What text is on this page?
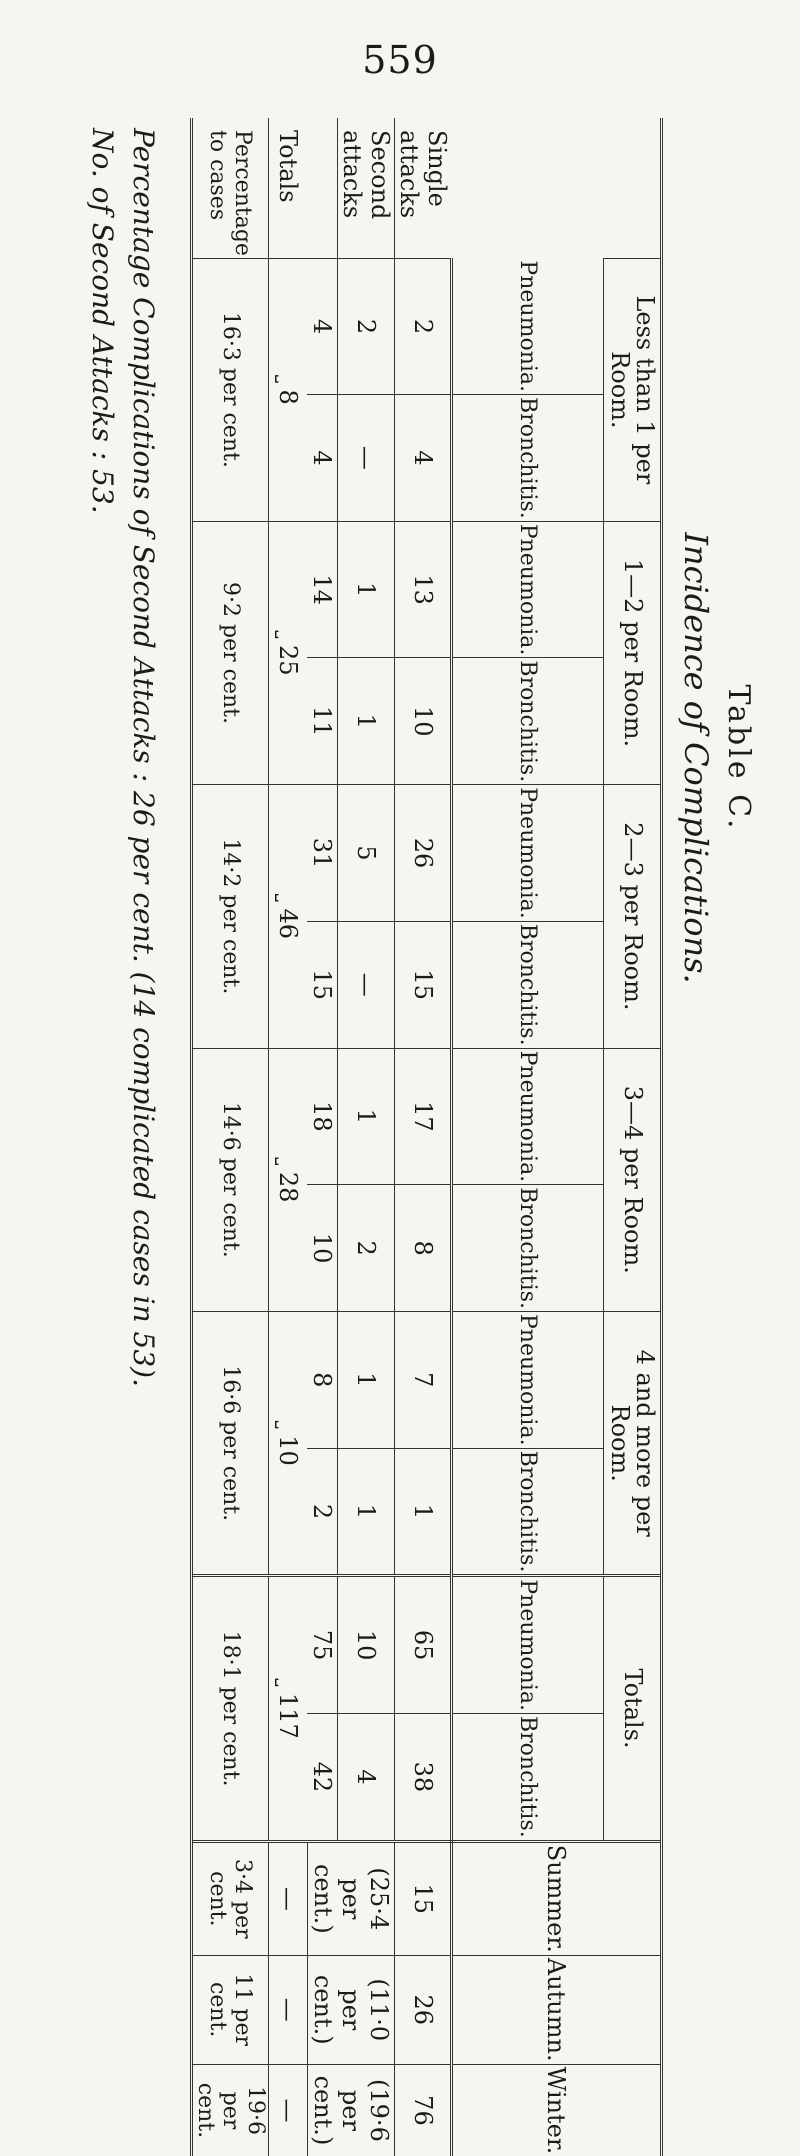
559
Table C.
Incidence of Complications.
	Less than 1 per Room.		1—2 per Room.		2—3 per Room.		3—4 per Room.		4 and more per Room.		Totals.		Summer.	Autumn.	Winter.
	Pneumonia.	Bronchitis.	Pneumonia.	Bronchitis.	Pneumonia.	Bronchitis.	Pneumonia.	Bronchitis.	Pneumonia.	Bronchitis.	Pneumonia.	Bronchitis.			
Single attacks	2	4	13	10	26	15	17	8	7	1	65	38	15	26	76
Second attacks	2	—	1	1	5	—	1	2	1	1	10	4	(25·4 per cent.)	(11·0 per cent.)	(19·6 per cent.)
	4	4	14	11	31	15	18	10	8	2	75	42			
Totals	⎵ 8		⎵ 25		⎵ 46		⎵ 28		⎵ 10		⎵ 117		—	—	—
Percentage to cases	16·3 per cent.		9·2 per cent.		14·2 per cent.		14·6 per cent.		16·6 per cent.		18·1 per cent.		3·4 per cent.	11 per cent.	19·6 per cent.
Percentage Complications of Second Attacks : 26 per cent. (14 complicated cases in 53).
No. of Second Attacks : 53.
